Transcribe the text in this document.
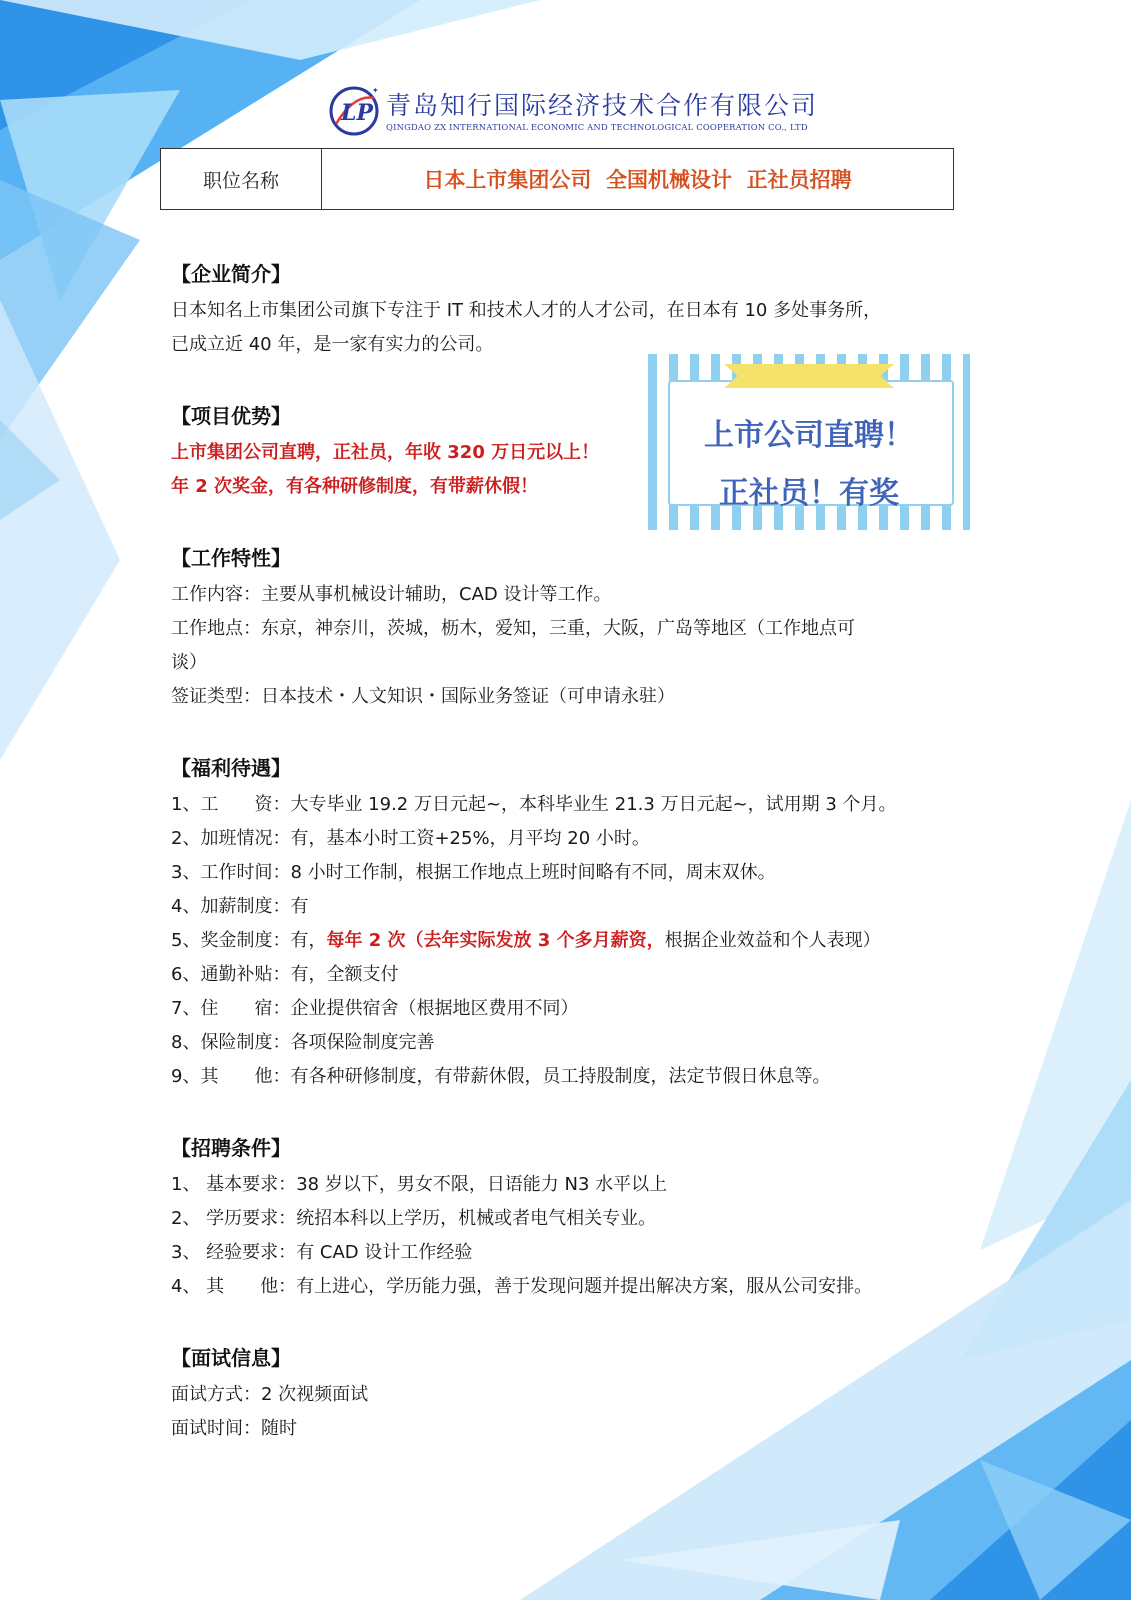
LP
✦
青岛知行国际经济技术合作有限公司
QINGDAO ZX INTERNATIONAL ECONOMIC AND TECHNOLOGICAL COOPERATION CO., LTD
职位名称	日本上市集团公司  全国机械设计  正社员招聘
【企业简介】
日本知名上市集团公司旗下专注于 IT 和技术人才的人才公司，在日本有 10 多处事务所，
已成立近 40 年，是一家有实力的公司。
【项目优势】
上市集团公司直聘，正社员，年收 320 万日元以上！
年 2 次奖金，有各种研修制度，有带薪休假！
上市公司直聘！
正社员！有奖
【工作特性】
工作内容：主要从事机械设计辅助，CAD 设计等工作。
工作地点：东京，神奈川，茨城，枥木，爱知，三重，大阪，广岛等地区（工作地点可
谈）
签证类型：日本技术・人文知识・国际业务签证（可申请永驻）
【福利待遇】
1、工　　资：大专毕业 19.2 万日元起~，本科毕业生 21.3 万日元起~，试用期 3 个月。
2、加班情况：有，基本小时工资+25%，月平均 20 小时。
3、工作时间：8 小时工作制，根据工作地点上班时间略有不同，周末双休。
4、加薪制度：有
5、奖金制度：有，每年 2 次（去年实际发放 3 个多月薪资，根据企业效益和个人表现）
6、通勤补贴：有，全额支付
7、住　　宿：企业提供宿舍（根据地区费用不同）
8、保险制度：各项保险制度完善
9、其　　他：有各种研修制度，有带薪休假，员工持股制度，法定节假日休息等。
【招聘条件】
1、 基本要求：38 岁以下，男女不限，日语能力 N3 水平以上
2、 学历要求：统招本科以上学历，机械或者电气相关专业。
3、 经验要求：有 CAD 设计工作经验
4、 其　　他：有上进心，学历能力强，善于发现问题并提出解决方案，服从公司安排。
【面试信息】
面试方式：2 次视频面试
面试时间：随时
